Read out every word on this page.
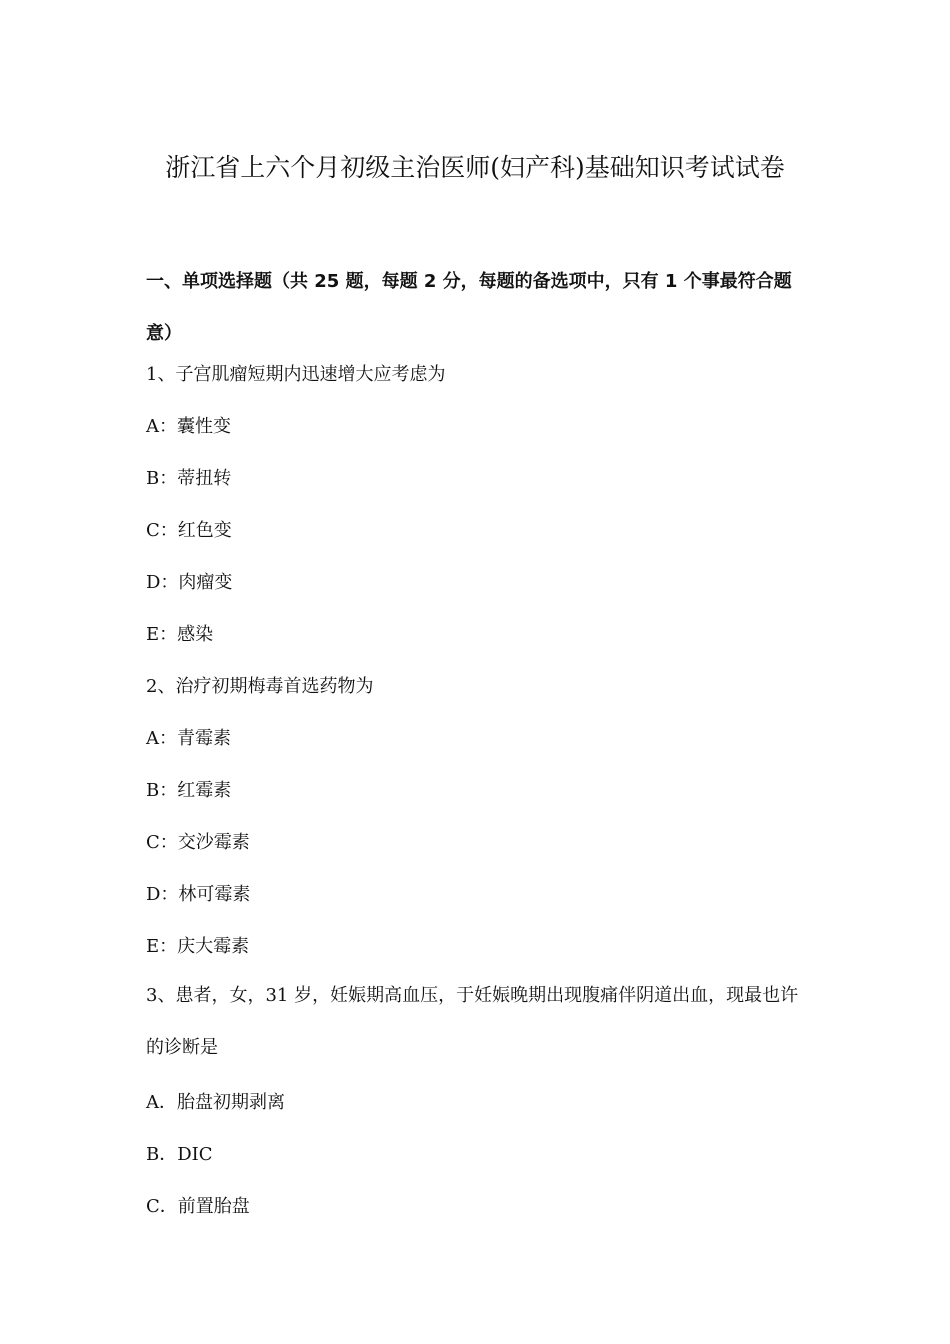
浙江省上六个月初级主治医师(妇产科)基础知识考试试卷
一、单项选择题（共 25 题，每题 2 分，每题的备选项中，只有 1 个事最符合题意）
1、子宫肌瘤短期内迅速增大应考虑为
A：囊性变
B：蒂扭转
C：红色变
D：肉瘤变
E：感染
2、治疗初期梅毒首选药物为
A：青霉素
B：红霉素
C：交沙霉素
D：林可霉素
E：庆大霉素
3、患者，女，31 岁，妊娠期高血压，于妊娠晚期出现腹痛伴阴道出血，现最也许的诊断是
A．胎盘初期剥离
B．DIC
C．前置胎盘
